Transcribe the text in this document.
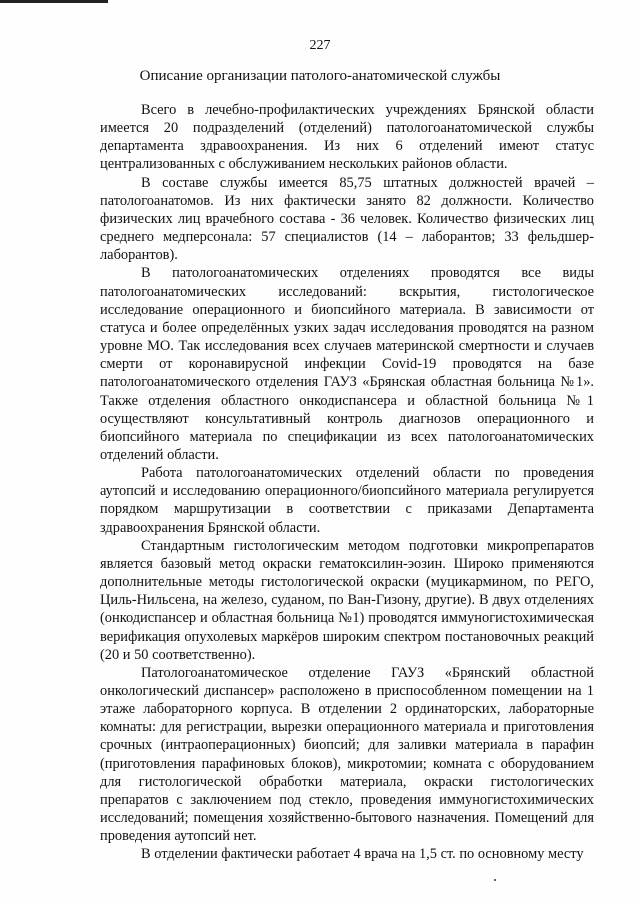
227
Описание организации патолого-анатомической службы

Всего в лечебно-профилактических учреждениях Брянской области имеется 20 подразделений (отделений) патологоанатомической службы департамента здравоохранения. Из них 6 отделений имеют статус централизованных с обслуживанием нескольких районов области.

В составе службы имеется 85,75 штатных должностей врачей – патологоанатомов. Из них фактически занято 82 должности. Количество физических лиц врачебного состава - 36 человек. Количество физических лиц среднего медперсонала: 57 специалистов (14 – лаборантов; 33 фельдшер-лаборантов).

В патологоанатомических отделениях проводятся все виды патологоанатомических исследований: вскрытия, гистологическое исследование операционного и биопсийного материала. В зависимости от статуса и более определённых узких задач исследования проводятся на разном уровне МО. Так исследования всех случаев материнской смертности и случаев смерти от коронавирусной инфекции Covid-19 проводятся на базе патологоанатомического отделения ГАУЗ «Брянская областная больница №1». Также отделения областного онкодиспансера и областной больница №1 осуществляют консультативный контроль диагнозов операционного и биопсийного материала по спецификации из всех патологоанатомических отделений области.

Работа патологоанатомических отделений области по проведения аутопсий и исследованию операционного/биопсийного материала регулируется порядком маршрутизации в соответствии с приказами Департамента здравоохранения Брянской области.

Стандартным гистологическим методом подготовки микропрепаратов является базовый метод окраски гематоксилин-эозин. Широко применяются дополнительные методы гистологической окраски (муцикармином, по РЕГО, Циль-Нильсена, на железо, суданом, по Ван-Гизону, другие). В двух отделениях (онкодиспансер и областная больница №1) проводятся иммуногистохимическая верификация опухолевых маркёров широким спектром постановочных реакций (20 и 50 соответственно).

Патологоанатомическое отделение ГАУЗ «Брянский областной онкологический диспансер» расположено в приспособленном помещении на 1 этаже лабораторного корпуса. В отделении 2 ординаторских, лабораторные комнаты: для регистрации, вырезки операционного материала и приготовления срочных (интраоперационных) биопсий; для заливки материала в парафин (приготовления парафиновых блоков), микротомии; комната с оборудованием для гистологической обработки материала, окраски гистологических препаратов с заключением под стекло, проведения иммуногистохимических исследований; помещения хозяйственно-бытового назначения. Помещений для проведения аутопсий нет.

В отделении фактически работает 4 врача на 1,5 ст. по основному месту
